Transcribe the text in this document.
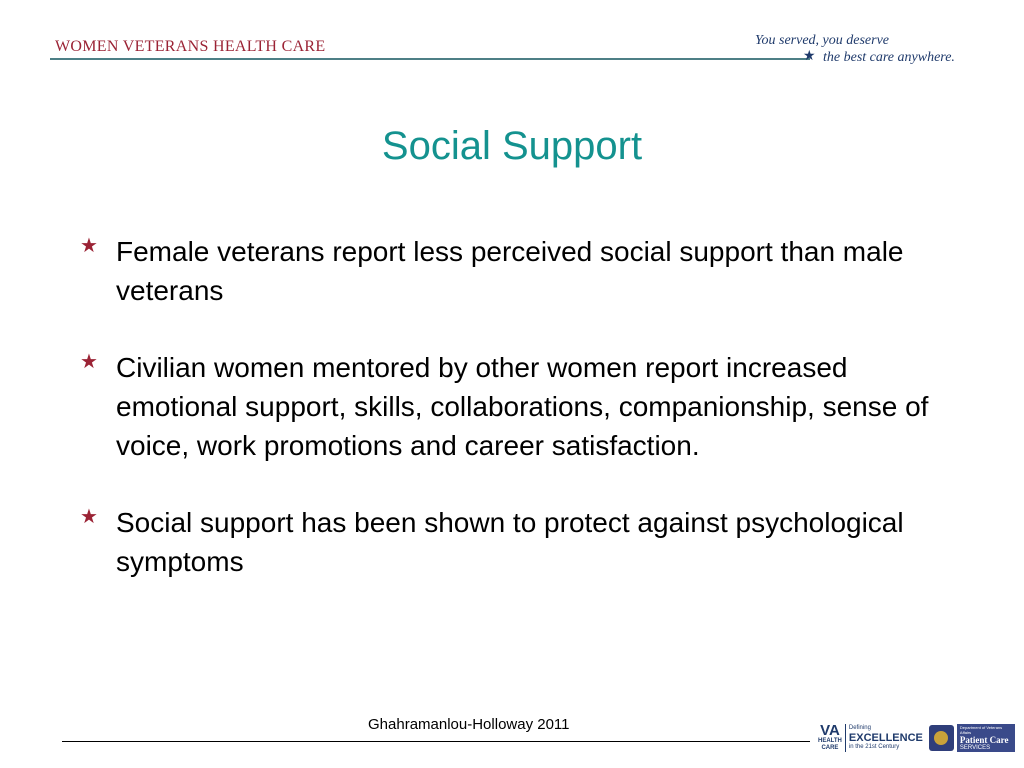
WOMEN VETERANS HEALTH CARE	★
You served, you deserve
the best care anywhere.
Social Support
★ Female veterans report less perceived social support than male veterans
★ Civilian women mentored by other women report increased emotional support, skills, collaborations, companionship, sense of voice, work promotions and career satisfaction.
★ Social support has been shown to protect against psychological symptoms
Ghahramanlou-Holloway 2011	VA
HEALTH CARE
Defining
EXCELLENCE
in the 21st Century
Department of Veterans Affairs
Patient Care
SERVICES
